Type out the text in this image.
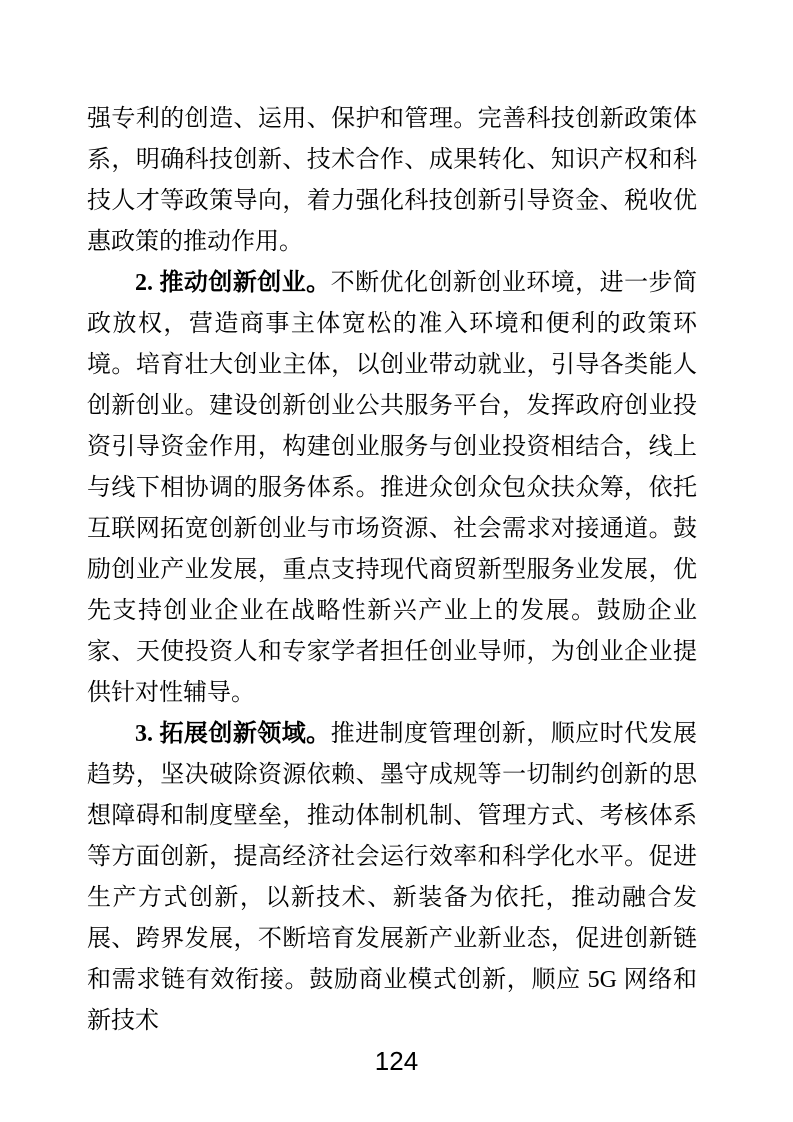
强专利的创造、运用、保护和管理。完善科技创新政策体系，明确科技创新、技术合作、成果转化、知识产权和科技人才等政策导向，着力强化科技创新引导资金、税收优惠政策的推动作用。

2. 推动创新创业。不断优化创新创业环境，进一步简政放权，营造商事主体宽松的准入环境和便利的政策环境。培育壮大创业主体，以创业带动就业，引导各类能人创新创业。建设创新创业公共服务平台，发挥政府创业投资引导资金作用，构建创业服务与创业投资相结合，线上与线下相协调的服务体系。推进众创众包众扶众筹，依托互联网拓宽创新创业与市场资源、社会需求对接通道。鼓励创业产业发展，重点支持现代商贸新型服务业发展，优先支持创业企业在战略性新兴产业上的发展。鼓励企业家、天使投资人和专家学者担任创业导师，为创业企业提供针对性辅导。

3. 拓展创新领域。推进制度管理创新，顺应时代发展趋势，坚决破除资源依赖、墨守成规等一切制约创新的思想障碍和制度壁垒，推动体制机制、管理方式、考核体系等方面创新，提高经济社会运行效率和科学化水平。促进生产方式创新，以新技术、新装备为依托，推动融合发展、跨界发展，不断培育发展新产业新业态，促进创新链和需求链有效衔接。鼓励商业模式创新，顺应 5G 网络和新技术

124
